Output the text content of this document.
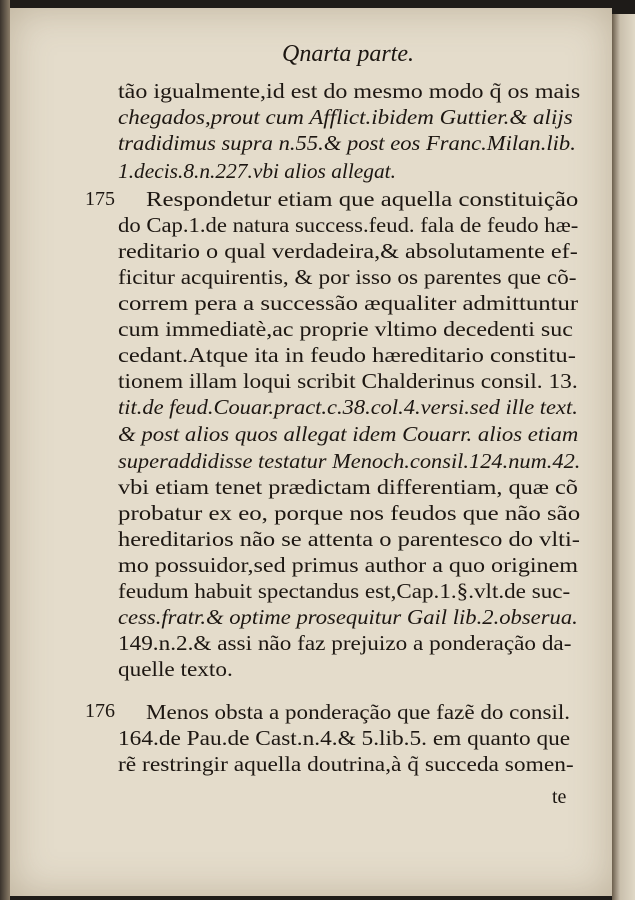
Qnarta parte.
tão igualmente,id est do mesmo modo q̃ os mais
chegados,prout cum Afflict.ibidem Guttier.& alijs
tradidimus supra n.55.& post eos Franc.Milan.lib.
1.decis.8.n.227.vbi alios allegat.
Respondetur etiam que aquella constituição
do Cap.1.de natura success.feud. fala de feudo hæ-
reditario o qual verdadeira,& absolutamente ef-
ficitur acquirentis, & por isso os parentes que cõ-
correm pera a successão æqualiter admittuntur
cum immediatè,ac proprie vltimo decedenti suc
cedant.Atque ita in feudo hæreditario constitu-
tionem illam loqui scribit Chalderinus consil. 13.
tit.de feud.Couar.pract.c.38.col.4.versi.sed ille text.
& post alios quos allegat idem Couarr. alios etiam
superaddidisse testatur Menoch.consil.124.num.42.
vbi etiam tenet prædictam differentiam, quæ cõ
probatur ex eo, porque nos feudos que não são
hereditarios não se attenta o parentesco do vlti-
mo possuidor,sed primus author a quo originem
feudum habuit spectandus est,Cap.1.§.vlt.de suc-
cess.fratr.& optime prosequitur Gail lib.2.obserua.
149.n.2.& assi não faz prejuizo a ponderação da-
quelle texto.
Menos obsta a ponderação que fazẽ do consil.
164.de Pau.de Cast.n.4.& 5.lib.5. em quanto que
rẽ restringir aquella doutrina,à q̃ succeda somen-
175
176
te
